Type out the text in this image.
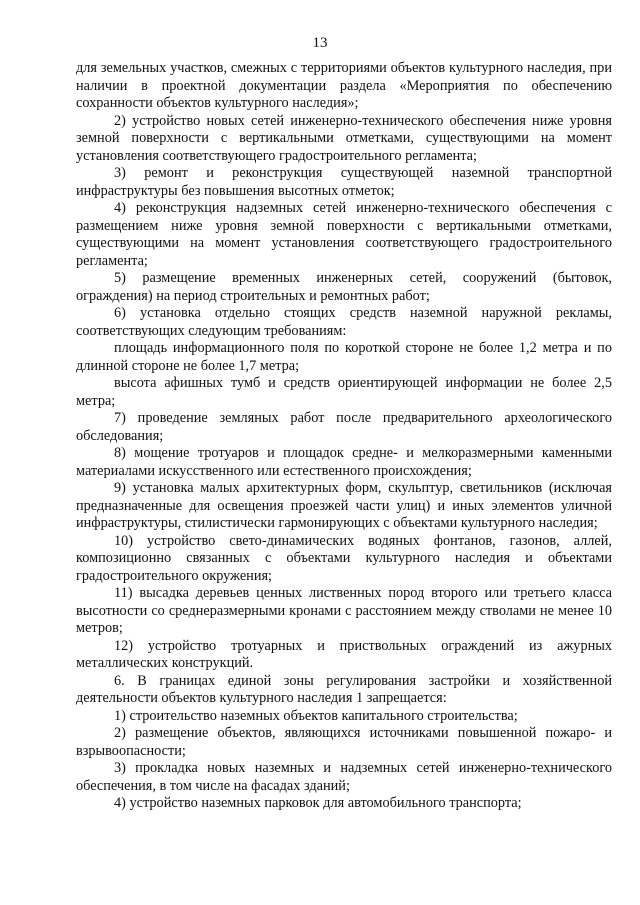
13

для земельных участков, смежных с территориями объектов культурного наследия, при наличии в проектной документации раздела «Мероприятия по обеспечению сохранности объектов культурного наследия»;

2) устройство новых сетей инженерно-технического обеспечения ниже уровня земной поверхности с вертикальными отметками, существующими на момент установления соответствующего градостроительного регламента;

3) ремонт и реконструкция существующей наземной транспортной инфраструктуры без повышения высотных отметок;

4) реконструкция надземных сетей инженерно-технического обеспечения с размещением ниже уровня земной поверхности с вертикальными отметками, существующими на момент установления соответствующего градостроительного регламента;

5) размещение временных инженерных сетей, сооружений (бытовок, ограждения) на период строительных и ремонтных работ;

6) установка отдельно стоящих средств наземной наружной рекламы, соответствующих следующим требованиям:

площадь информационного поля по короткой стороне не более 1,2 метра и по длинной стороне не более 1,7 метра;

высота афишных тумб и средств ориентирующей информации не более 2,5 метра;

7) проведение земляных работ после предварительного археологического обследования;

8) мощение тротуаров и площадок средне- и мелкоразмерными каменными материалами искусственного или естественного происхождения;

9) установка малых архитектурных форм, скульптур, светильников (исключая предназначенные для освещения проезжей части улиц) и иных элементов уличной инфраструктуры, стилистически гармонирующих с объектами культурного наследия;

10) устройство свето-динамических водяных фонтанов, газонов, аллей, композиционно связанных с объектами культурного наследия и объектами градостроительного окружения;

11) высадка деревьев ценных лиственных пород второго или третьего класса высотности со среднеразмерными кронами с расстоянием между стволами не менее 10 метров;

12) устройство тротуарных и приствольных ограждений из ажурных металлических конструкций.

6. В границах единой зоны регулирования застройки и хозяйственной деятельности объектов культурного наследия 1 запрещается:

1) строительство наземных объектов капитального строительства;

2) размещение объектов, являющихся источниками повышенной пожаро- и взрывоопасности;

3) прокладка новых наземных и надземных сетей инженерно-технического обеспечения, в том числе на фасадах зданий;

4) устройство наземных парковок для автомобильного транспорта;
